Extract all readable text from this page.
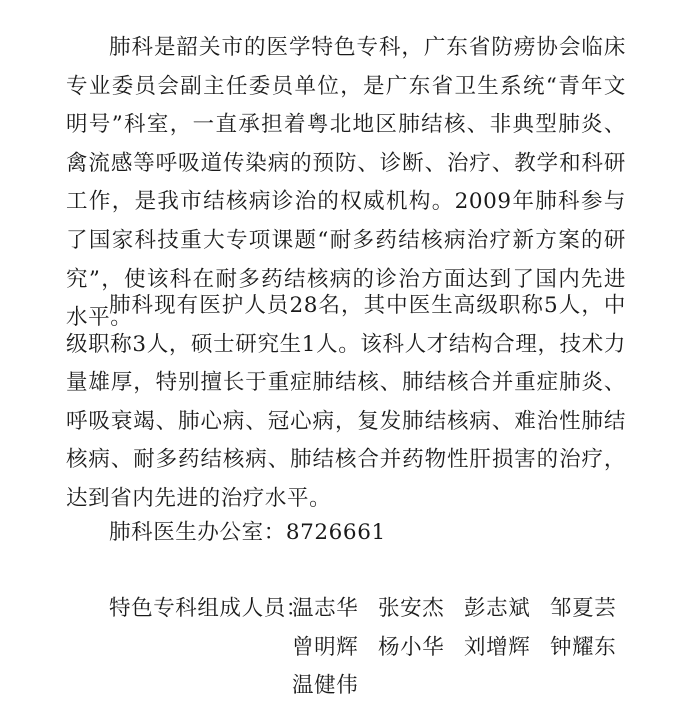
肺科是韶关市的医学特色专科，广东省防痨协会临床专业委员会副主任委员单位，是广东省卫生系统“青年文明号”科室，一直承担着粤北地区肺结核、非典型肺炎、禽流感等呼吸道传染病的预防、诊断、治疗、教学和科研工作，是我市结核病诊治的权威机构。2009年肺科参与了国家科技重大专项课题“耐多药结核病治疗新方案的研究”，使该科在耐多药结核病的诊治方面达到了国内先进水平。

肺科现有医护人员28名，其中医生高级职称5人，中级职称3人，硕士研究生1人。该科人才结构合理，技术力量雄厚，特别擅长于重症肺结核、肺结核合并重症肺炎、呼吸衰竭、肺心病、冠心病，复发肺结核病、难治性肺结核病、耐多药结核病、肺结核合并药物性肝损害的治疗，达到省内先进的治疗水平。

肺科医生办公室：8726661
特色专科组成人员：
温志华 张安杰 彭志斌 邹夏芸
曾明辉 杨小华 刘增辉 钟耀东
温健伟
